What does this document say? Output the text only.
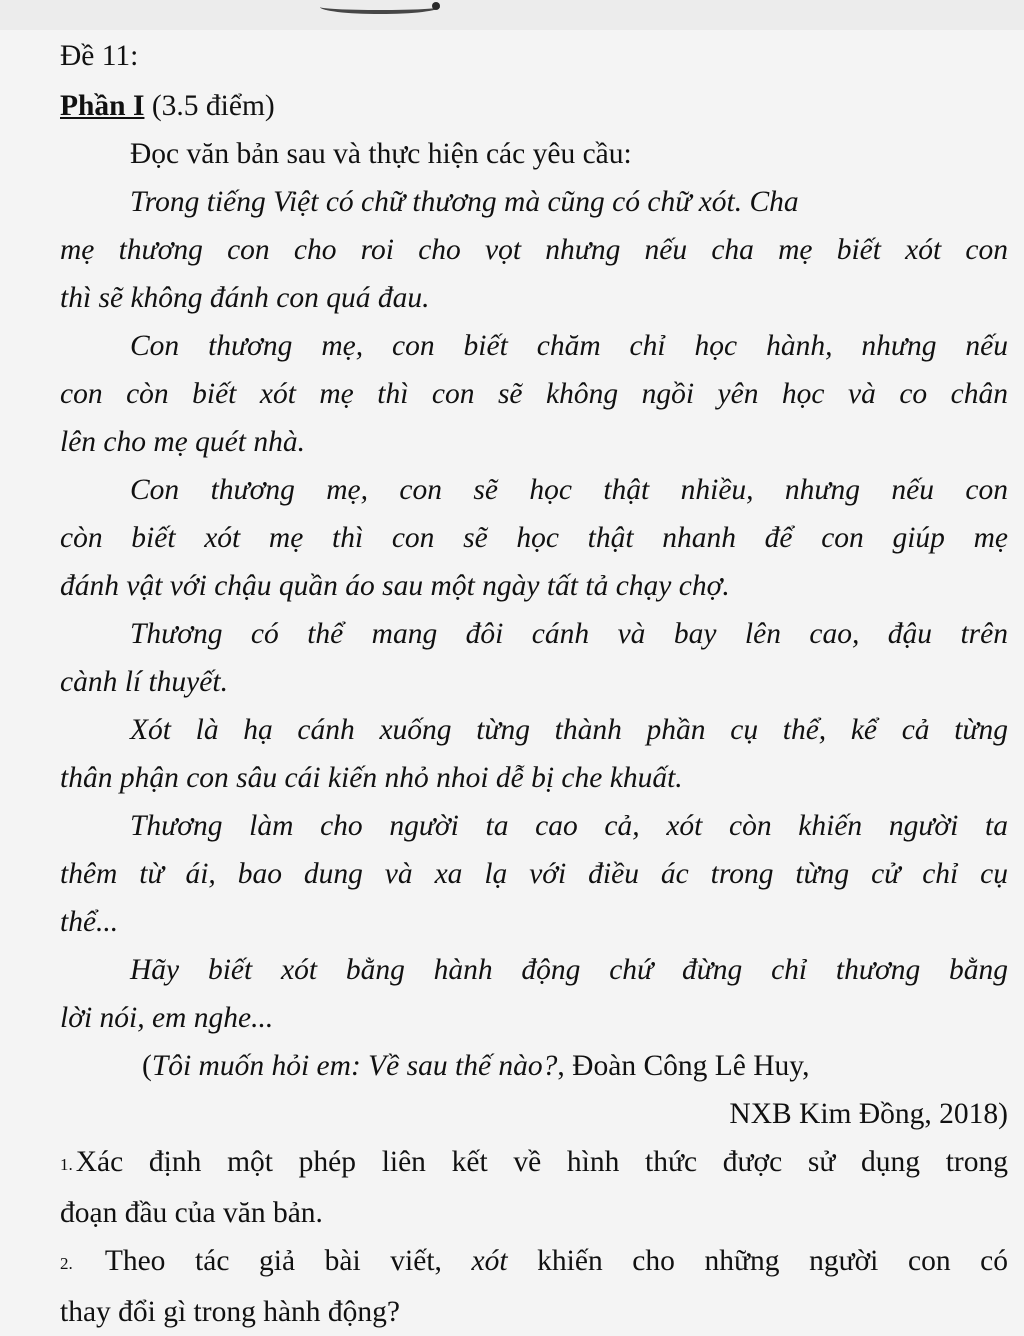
Đề 11:

Phần I (3.5 điểm)

Đọc văn bản sau và thực hiện các yêu cầu:

Trong tiếng Việt có chữ thương mà cũng có chữ xót. Cha

mẹ thương con cho roi cho vọt nhưng nếu cha mẹ biết xót con

thì sẽ không đánh con quá đau.

Con thương mẹ, con biết chăm chỉ học hành, nhưng nếu

con còn biết xót mẹ thì con sẽ không ngồi yên học và co chân

lên cho mẹ quét nhà.

Con thương mẹ, con sẽ học thật nhiều, nhưng nếu con

còn biết xót mẹ thì con sẽ học thật nhanh để con giúp mẹ

đánh vật với chậu quần áo sau một ngày tất tả chạy chợ.

Thương có thể mang đôi cánh và bay lên cao, đậu trên

cành lí thuyết.

Xót là hạ cánh xuống từng thành phần cụ thể, kể cả từng

thân phận con sâu cái kiến nhỏ nhoi dễ bị che khuất.

Thương làm cho người ta cao cả, xót còn khiến người ta

thêm từ ái, bao dung và xa lạ với điều ác trong từng cử chỉ cụ

thể...

Hãy biết xót bằng hành động chứ đừng chỉ thương bằng

lời nói, em nghe...

(Tôi muốn hỏi em: Về sau thế nào?, Đoàn Công Lê Huy,

NXB Kim Đồng, 2018)

1. Xác định một phép liên kết về hình thức được sử dụng trong

đoạn đầu của văn bản.

2. Theo tác giả bài viết, xót khiến cho những người con có

thay đổi gì trong hành động?
